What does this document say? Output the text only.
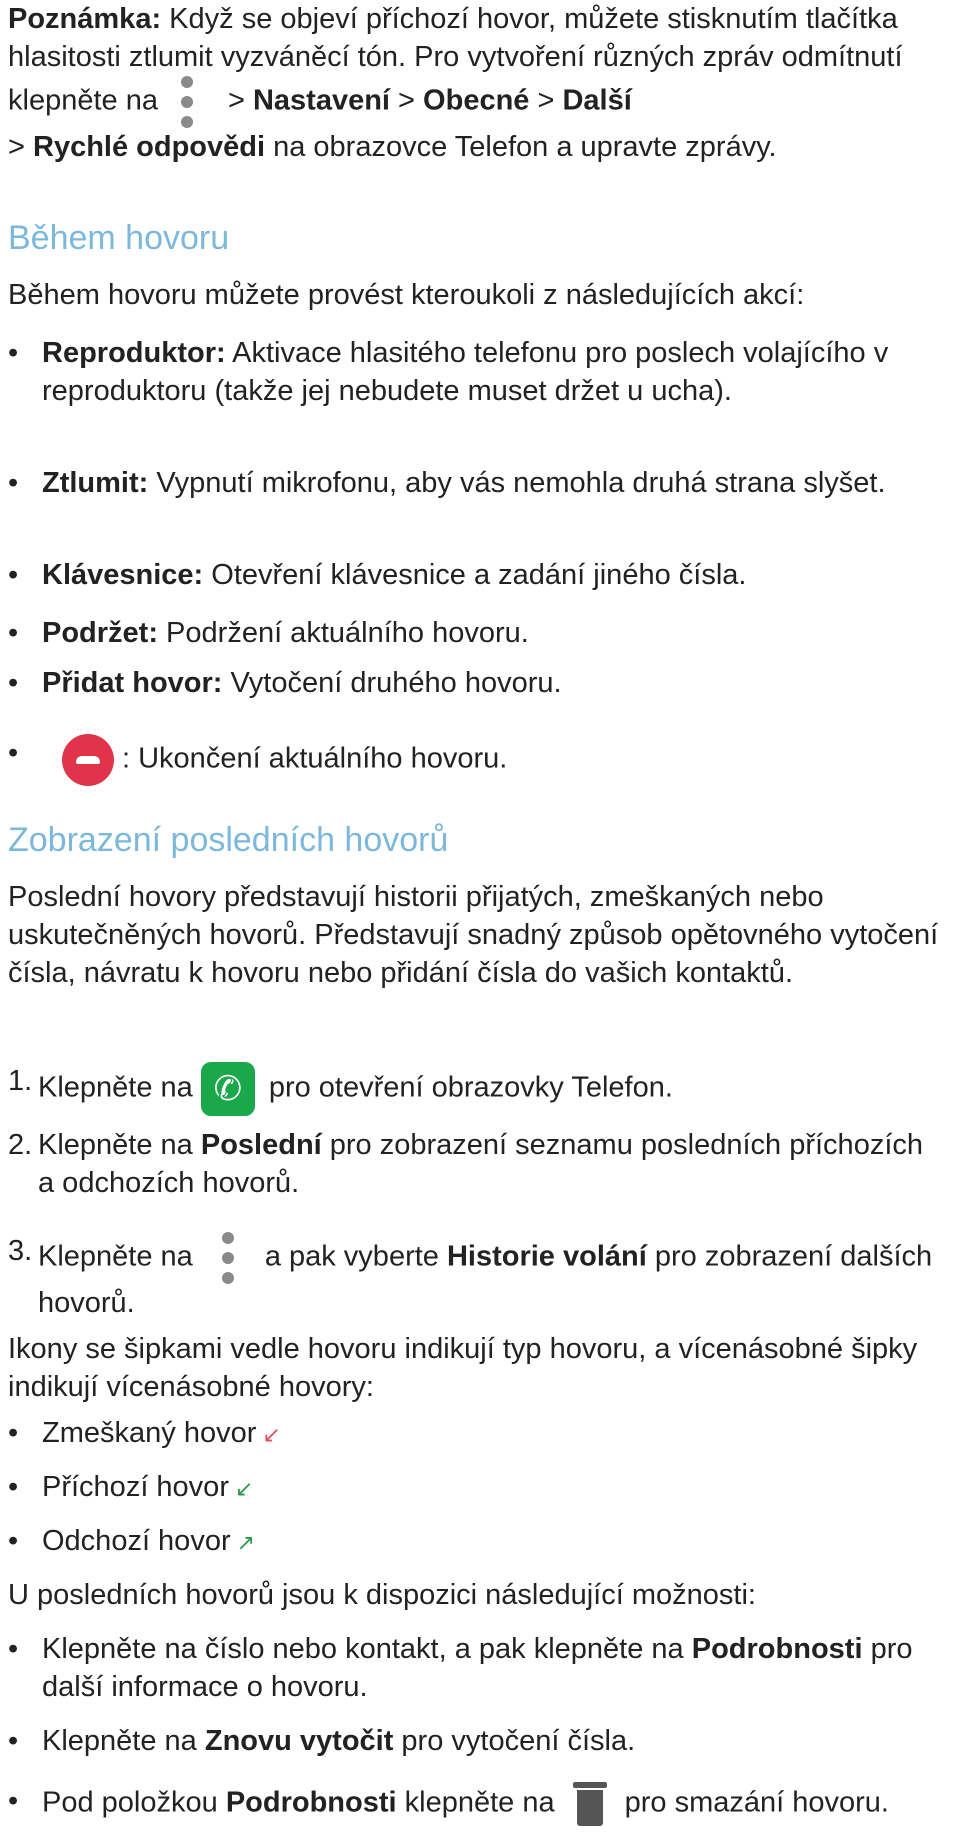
Poznámka: Když se objeví příchozí hovor, můžete stisknutím tlačítka hlasitosti ztlumit vyzváněcí tón. Pro vytvoření různých zpráv odmítnutí klepněte na > Nastavení > Obecné > Další
> Rychlé odpovědi na obrazovce Telefon a upravte zprávy.

Během hovoru

Během hovoru můžete provést kteroukoli z následujících akcí:

• Reproduktor: Aktivace hlasitého telefonu pro poslech volajícího v reproduktoru (takže jej nebudete muset držet u ucha).
• Ztlumit: Vypnutí mikrofonu, aby vás nemohla druhá strana slyšet.
• Klávesnice: Otevření klávesnice a zadání jiného čísla.
• Podržet: Podržení aktuálního hovoru.
• Přidat hovor: Vytočení druhého hovoru.
•	: Ukončení aktuálního hovoru.
Zobrazení posledních hovorů

Poslední hovory představují historii přijatých, zmeškaných nebo uskutečněných hovorů. Představují snadný způsob opětovného vytočení čísla, návratu k hovoru nebo přidání čísla do vašich kontaktů.

1. Klepněte na✆	pro otevření obrazovky Telefon.
2. Klepněte na Poslední pro zobrazení seznamu posledních příchozích a odchozích hovorů.
3. Klepněte na a pak vyberte Historie volání pro zobrazení dalších hovorů.

Ikony se šipkami vedle hovoru indikují typ hovoru, a vícenásobné šipky indikují vícenásobné hovory:

• Zmeškaný hovor ↙
• Příchozí hovor ↙
• Odchozí hovor ↗

U posledních hovorů jsou k dispozici následující možnosti:

• Klepněte na číslo nebo kontakt, a pak klepněte na Podrobnosti pro další informace o hovoru.
• Klepněte na Znovu vytočit pro vytočení čísla.
• Pod položkou Podrobnosti klepněte na pro smazání hovoru.
